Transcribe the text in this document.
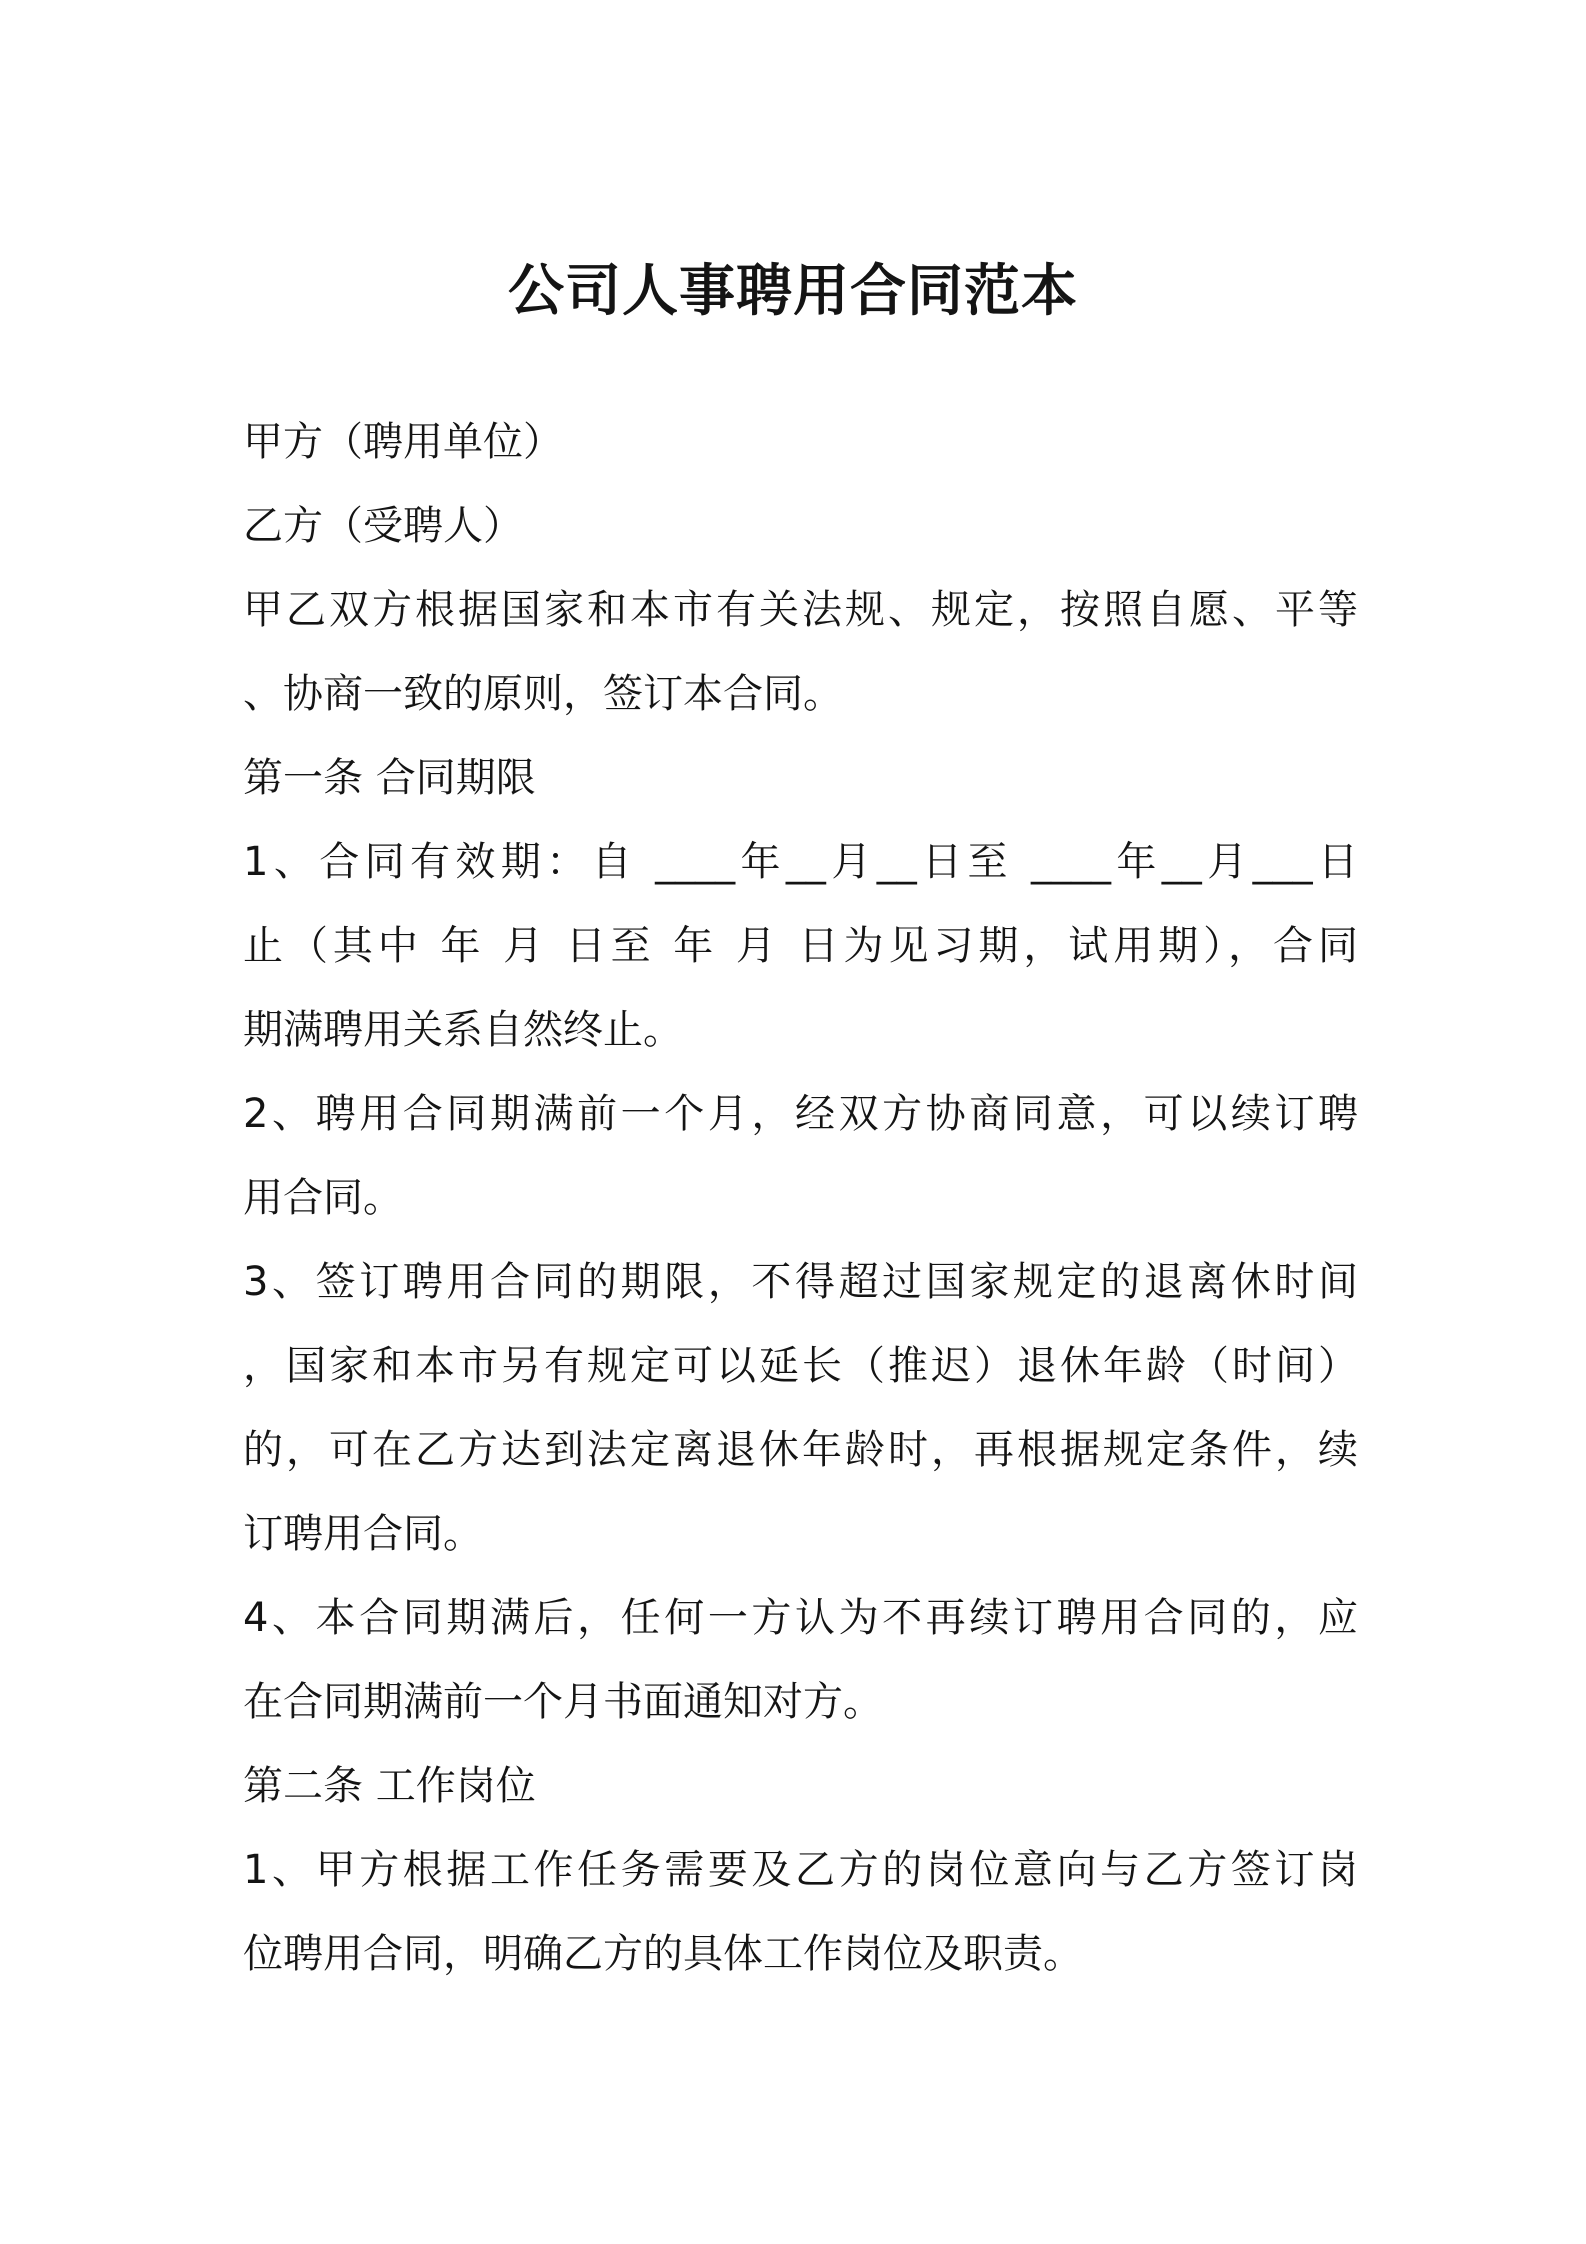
公司人事聘用合同范本

甲方（聘用单位）

乙方（受聘人）

甲乙双方根据国家和本市有关法规、规定，按照自愿、平等

、协商一致的原则，签订本合同。

第一条 合同期限

1、合同有效期：自 ____年__月__日至 ____年__月___日

止（其中 年 月 日至 年 月 日为见习期，试用期），合同

期满聘用关系自然终止。

2、聘用合同期满前一个月，经双方协商同意，可以续订聘

用合同。

3、签订聘用合同的期限，不得超过国家规定的退离休时间

，国家和本市另有规定可以延长（推迟）退休年龄（时间）

的，可在乙方达到法定离退休年龄时，再根据规定条件，续

订聘用合同。

4、本合同期满后，任何一方认为不再续订聘用合同的，应

在合同期满前一个月书面通知对方。

第二条 工作岗位

1、甲方根据工作任务需要及乙方的岗位意向与乙方签订岗

位聘用合同，明确乙方的具体工作岗位及职责。
